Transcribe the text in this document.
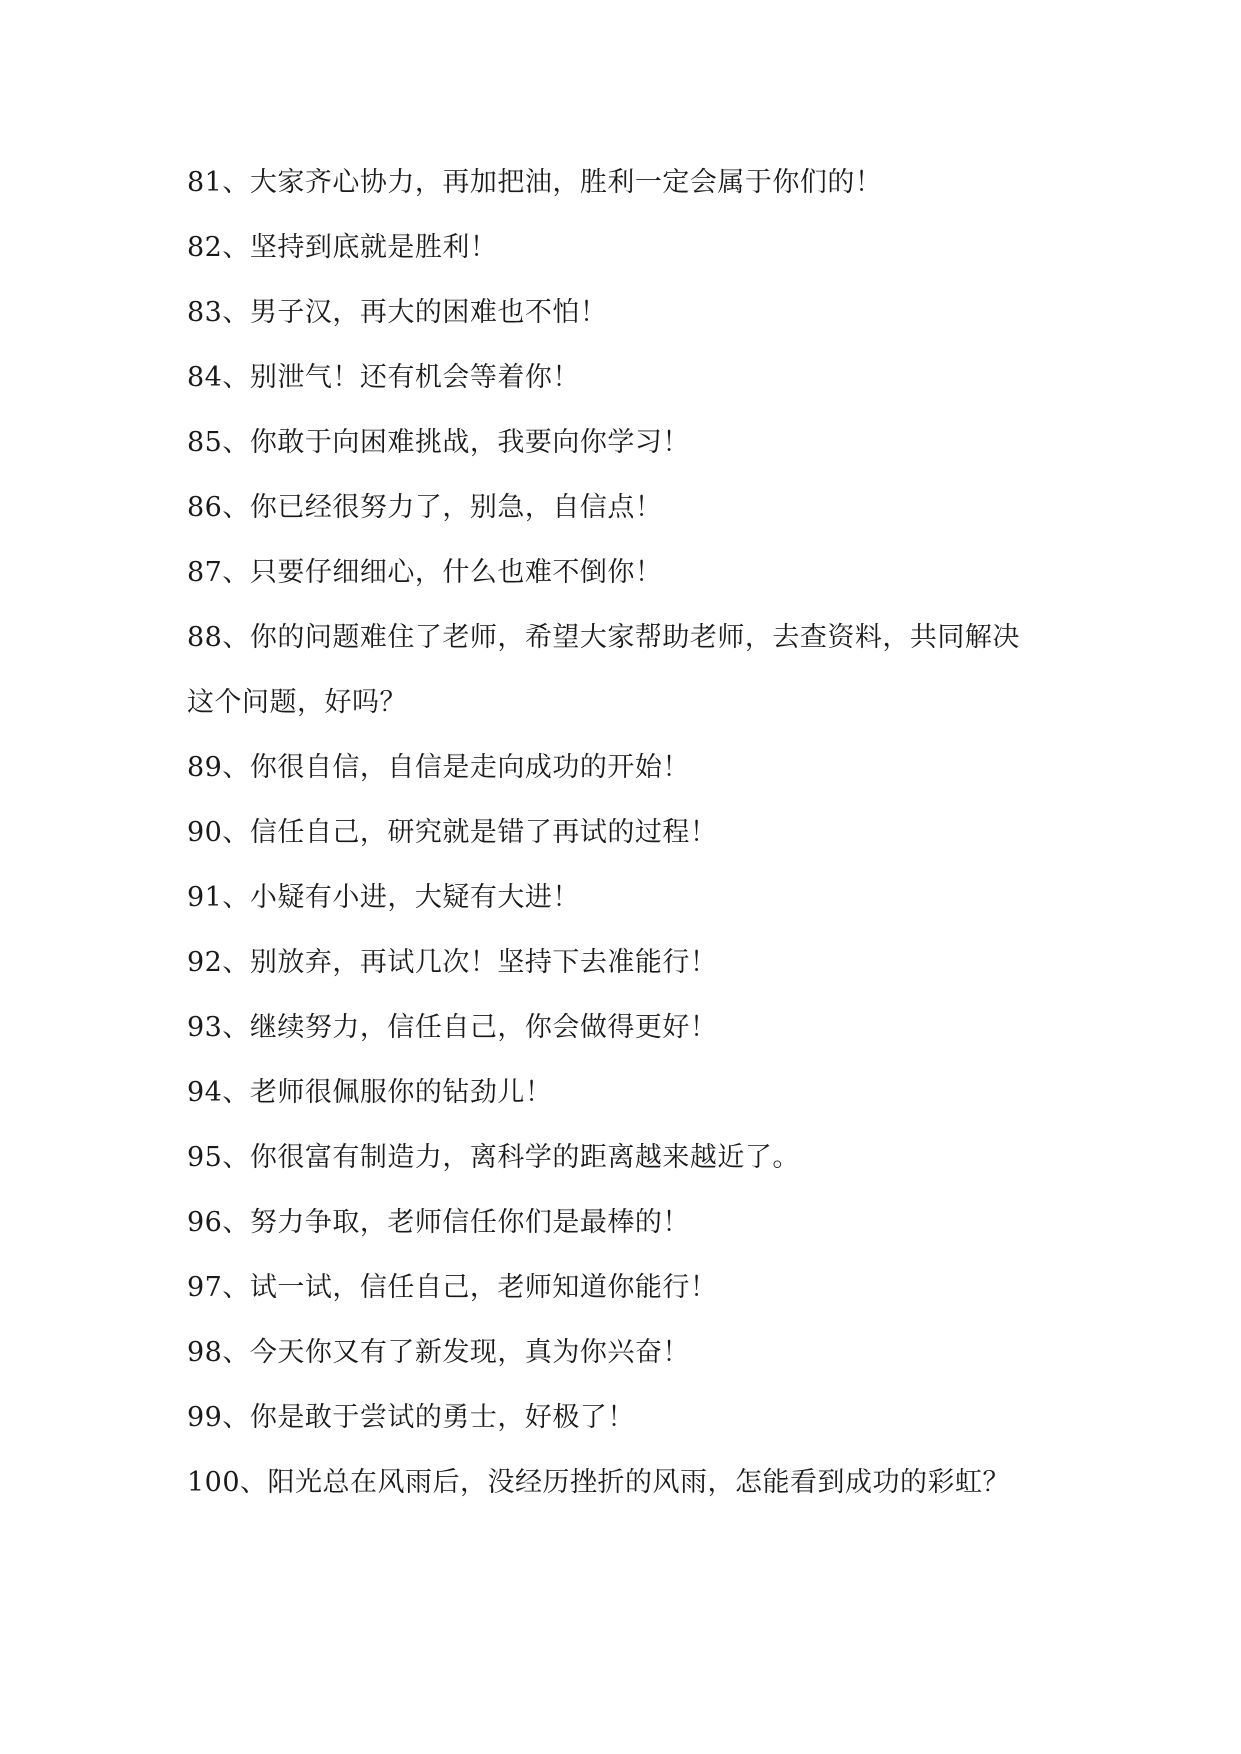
81、大家齐心协力，再加把油，胜利一定会属于你们的！
82、坚持到底就是胜利！
83、男子汉，再大的困难也不怕！
84、别泄气！还有机会等着你！
85、你敢于向困难挑战，我要向你学习！
86、你已经很努力了，别急，自信点！
87、只要仔细细心，什么也难不倒你！
88、你的问题难住了老师，希望大家帮助老师，去查资料，共同解决
这个问题，好吗？
89、你很自信，自信是走向成功的开始！
90、信任自己，研究就是错了再试的过程！
91、小疑有小进，大疑有大进！
92、别放弃，再试几次！坚持下去准能行！
93、继续努力，信任自己，你会做得更好！
94、老师很佩服你的钻劲儿！
95、你很富有制造力，离科学的距离越来越近了。
96、努力争取，老师信任你们是最棒的！
97、试一试，信任自己，老师知道你能行！
98、今天你又有了新发现，真为你兴奋！
99、你是敢于尝试的勇士，好极了！
100、阳光总在风雨后，没经历挫折的风雨，怎能看到成功的彩虹？
